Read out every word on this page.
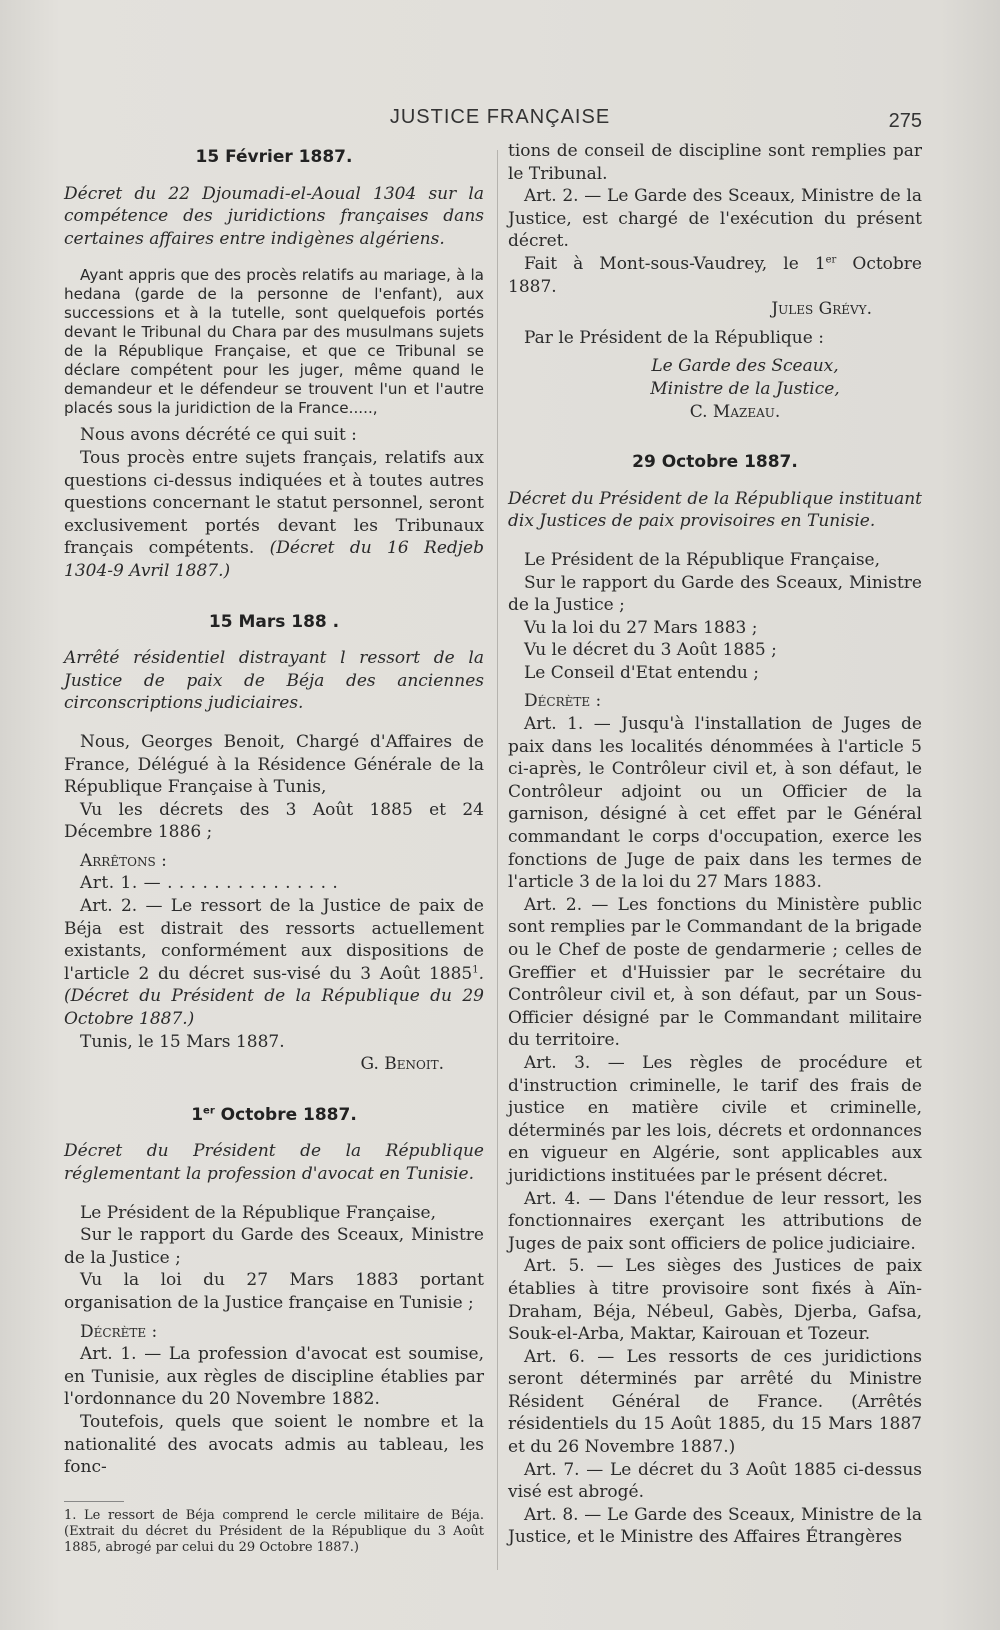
JUSTICE FRANÇAISE	275

15 Février 1887.

Décret du 22 Djoumadi-el-Aoual 1304 sur la compétence des juridictions françaises dans certaines affaires entre indigènes algériens.

Ayant appris que des procès relatifs au mariage, à la hedana (garde de la personne de l'enfant), aux successions et à la tutelle, sont quelquefois portés devant le Tribunal du Chara par des musulmans sujets de la République Française, et que ce Tribunal se déclare compétent pour les juger, même quand le demandeur et le défendeur se trouvent l'un et l'autre placés sous la juridiction de la France.....,

Nous avons décrété ce qui suit :

Tous procès entre sujets français, relatifs aux questions ci-dessus indiquées et à toutes autres questions concernant le statut personnel, seront exclusivement portés devant les Tribunaux français compétents. (Décret du 16 Redjeb 1304-9 Avril 1887.)

15 Mars 188 .

Arrêté résidentiel distrayant l ressort de la Justice de paix de Béja des anciennes circonscriptions judiciaires.

Nous, Georges Benoit, Chargé d'Affaires de France, Délégué à la Résidence Générale de la République Française à Tunis,

Vu les décrets des 3 Août 1885 et 24 Décembre 1886 ;

Arrêtons :

Art. 1. — . . . . . . . . . . . . . . .

Art. 2. — Le ressort de la Justice de paix de Béja est distrait des ressorts actuellement existants, conformément aux dispositions de l'article 2 du décret sus-visé du 3 Août 1885$^1$. (Décret du Président de la République du 29 Octobre 1887.)

Tunis, le 15 Mars 1887.

G. Benoit.

1er Octobre 1887.

Décret du Président de la République réglementant la profession d'avocat en Tunisie.

Le Président de la République Française,

Sur le rapport du Garde des Sceaux, Ministre de la Justice ;

Vu la loi du 27 Mars 1883 portant organisation de la Justice française en Tunisie ;

Décrète :

Art. 1. — La profession d'avocat est soumise, en Tunisie, aux règles de discipline établies par l'ordonnance du 20 Novembre 1882.

Toutefois, quels que soient le nombre et la nationalité des avocats admis au tableau, les fonc-

1. Le ressort de Béja comprend le cercle militaire de Béja. (Extrait du décret du Président de la République du 3 Août 1885, abrogé par celui du 29 Octobre 1887.)

tions de conseil de discipline sont remplies par le Tribunal.

Art. 2. — Le Garde des Sceaux, Ministre de la Justice, est chargé de l'exécution du présent décret.

Fait à Mont-sous-Vaudrey, le 1er Octobre 1887.

Jules Grévy.

Par le Président de la République :

Le Garde des Sceaux,

Ministre de la Justice,

C. Mazeau.

29 Octobre 1887.

Décret du Président de la République instituant dix Justices de paix provisoires en Tunisie.

Le Président de la République Française,

Sur le rapport du Garde des Sceaux, Ministre de la Justice ;

Vu la loi du 27 Mars 1883 ;

Vu le décret du 3 Août 1885 ;

Le Conseil d'Etat entendu ;

Décrète :

Art. 1. — Jusqu'à l'installation de Juges de paix dans les localités dénommées à l'article 5 ci-après, le Contrôleur civil et, à son défaut, le Contrôleur adjoint ou un Officier de la garnison, désigné à cet effet par le Général commandant le corps d'occupation, exerce les fonctions de Juge de paix dans les termes de l'article 3 de la loi du 27 Mars 1883.

Art. 2. — Les fonctions du Ministère public sont remplies par le Commandant de la brigade ou le Chef de poste de gendarmerie ; celles de Greffier et d'Huissier par le secrétaire du Contrôleur civil et, à son défaut, par un Sous-Officier désigné par le Commandant militaire du territoire.

Art. 3. — Les règles de procédure et d'instruction criminelle, le tarif des frais de justice en matière civile et criminelle, déterminés par les lois, décrets et ordonnances en vigueur en Algérie, sont applicables aux juridictions instituées par le présent décret.

Art. 4. — Dans l'étendue de leur ressort, les fonctionnaires exerçant les attributions de Juges de paix sont officiers de police judiciaire.

Art. 5. — Les sièges des Justices de paix établies à titre provisoire sont fixés à Aïn-Draham, Béja, Nébeul, Gabès, Djerba, Gafsa, Souk-el-Arba, Maktar, Kairouan et Tozeur.

Art. 6. — Les ressorts de ces juridictions seront déterminés par arrêté du Ministre Résident Général de France. (Arrêtés résidentiels du 15 Août 1885, du 15 Mars 1887 et du 26 Novembre 1887.)

Art. 7. — Le décret du 3 Août 1885 ci-dessus visé est abrogé.

Art. 8. — Le Garde des Sceaux, Ministre de la Justice, et le Ministre des Affaires Étrangères
